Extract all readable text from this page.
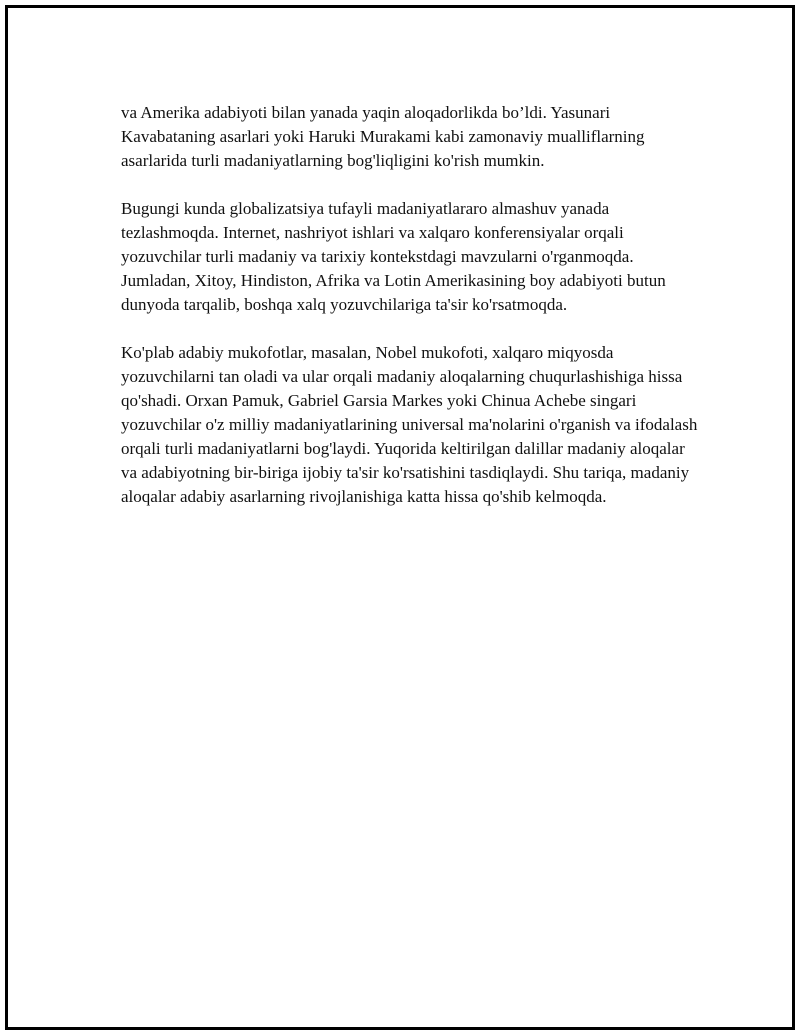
va Amerika adabiyoti bilan yanada yaqin aloqadorlikda bo’ldi. Yasunari Kavabataning asarlari yoki Haruki Murakami kabi zamonaviy mualliflarning asarlarida turli madaniyatlarning bog'liqligini ko'rish mumkin.

Bugungi kunda globalizatsiya tufayli madaniyatlararo almashuv yanada tezlashmoqda. Internet, nashriyot ishlari va xalqaro konferensiyalar orqali yozuvchilar turli madaniy va tarixiy kontekstdagi mavzularni o'rganmoqda. Jumladan, Xitoy, Hindiston, Afrika va Lotin Amerikasining boy adabiyoti butun dunyoda tarqalib, boshqa xalq yozuvchilariga ta'sir ko'rsatmoqda.

Ko'plab adabiy mukofotlar, masalan, Nobel mukofoti, xalqaro miqyosda yozuvchilarni tan oladi va ular orqali madaniy aloqalarning chuqurlashishiga hissa qo'shadi. Orxan Pamuk, Gabriel Garsia Markes yoki Chinua Achebe singari yozuvchilar o'z milliy madaniyatlarining universal ma'nolarini o'rganish va ifodalash orqali turli madaniyatlarni bog'laydi. Yuqorida keltirilgan dalillar madaniy aloqalar va adabiyotning bir-biriga ijobiy ta'sir ko'rsatishini tasdiqlaydi. Shu tariqa, madaniy aloqalar adabiy asarlarning rivojlanishiga katta hissa qo'shib kelmoqda.
